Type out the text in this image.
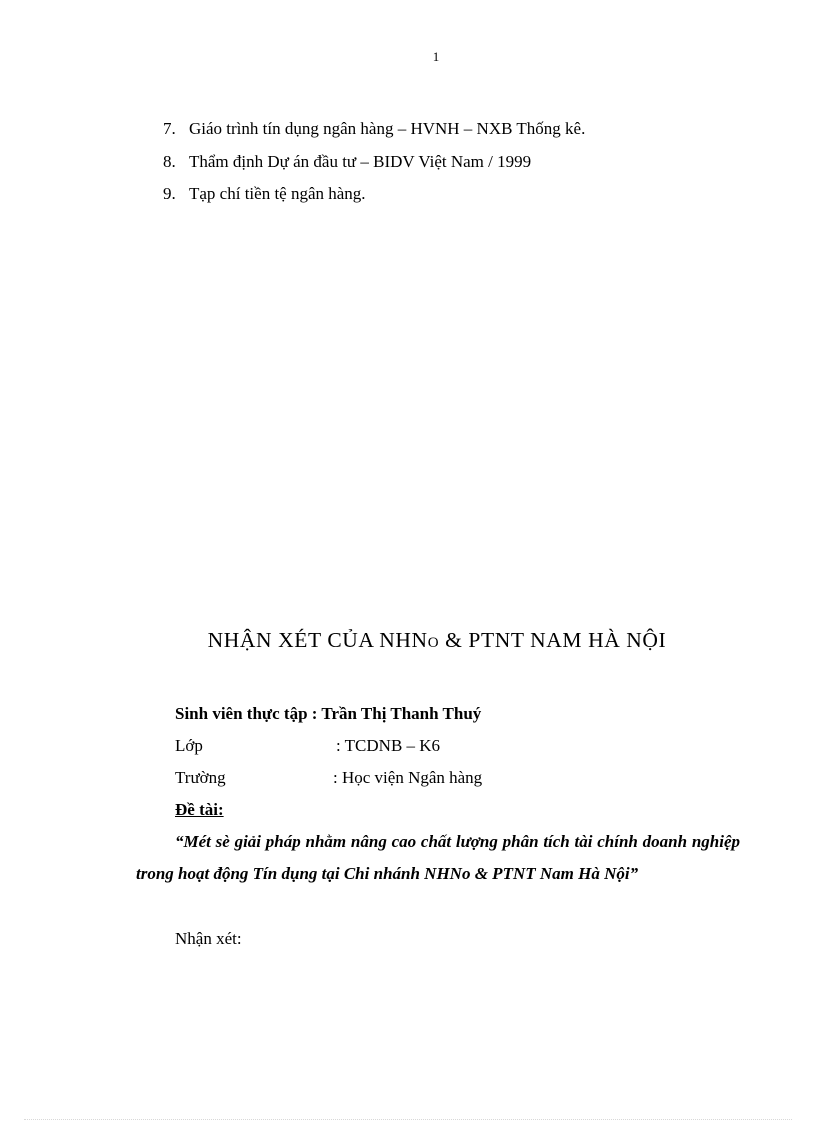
1
7. Giáo trình tín dụng ngân hàng – HVNH – NXB Thống kê.
8. Thẩm định Dự án đầu tư – BIDV Việt Nam / 1999
9. Tạp chí tiền tệ ngân hàng.
NHẬN XÉT CỦA NHNO & PTNT NAM HÀ NỘI
Sinh viên thực tập : Trần Thị Thanh Thuý
Lớp	: TCDNB – K6
Trường	: Học viện Ngân hàng
Đề tài:

“Mét sè giải pháp nhằm nâng cao chất lượng phân tích tài chính doanh nghiệp trong hoạt động Tín dụng tại Chi nhánh NHNo & PTNT Nam Hà Nội”

Nhận xét:
